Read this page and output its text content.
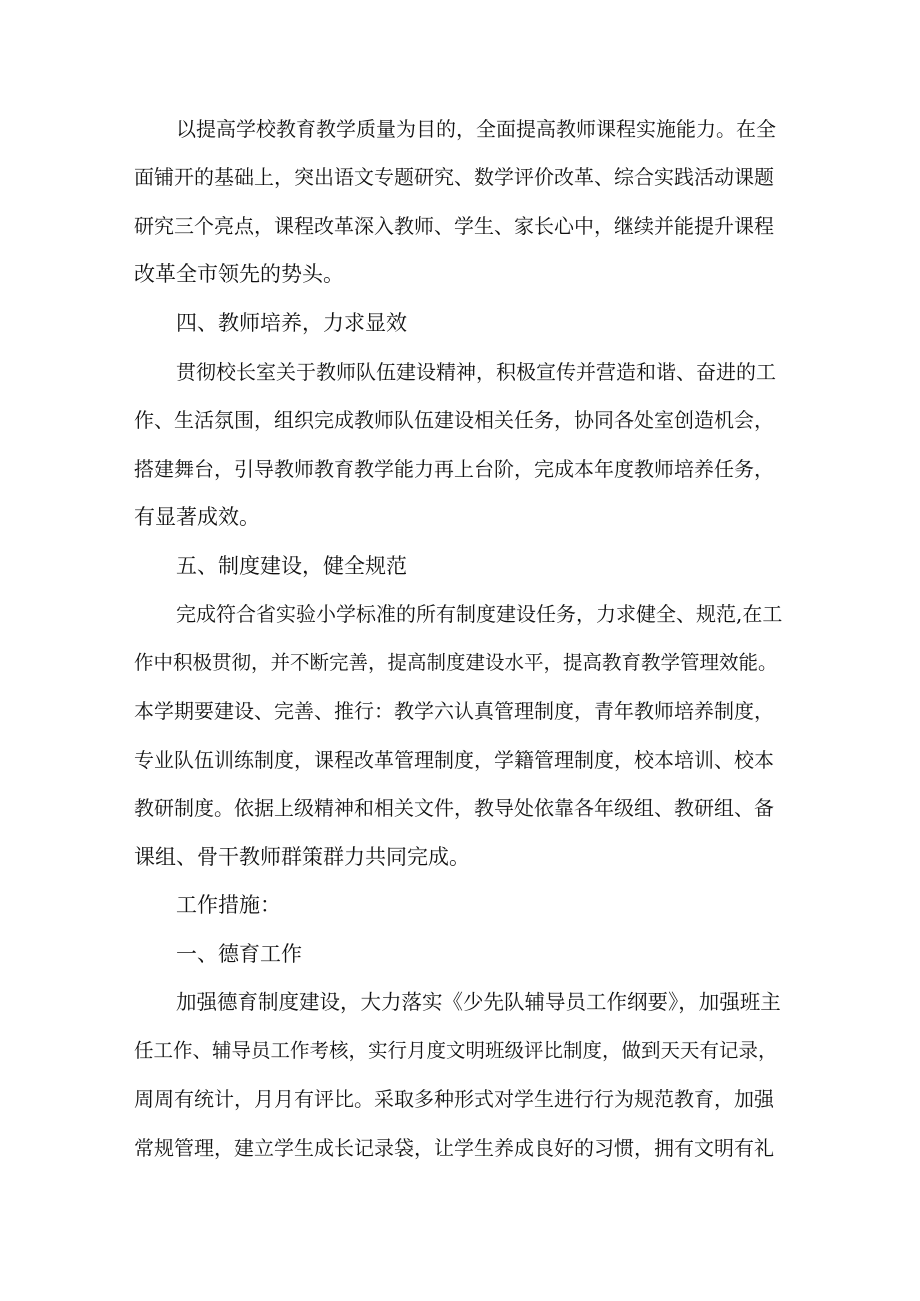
以提高学校教育教学质量为目的，全面提高教师课程实施能力。在全
面铺开的基础上，突出语文专题研究、数学评价改革、综合实践活动课题
研究三个亮点，课程改革深入教师、学生、家长心中，继续并能提升课程
改革全市领先的势头。
四、教师培养，力求显效
贯彻校长室关于教师队伍建设精神，积极宣传并营造和谐、奋进的工
作、生活氛围，组织完成教师队伍建设相关任务，协同各处室创造机会，
搭建舞台，引导教师教育教学能力再上台阶，完成本年度教师培养任务，
有显著成效。
五、制度建设，健全规范
完成符合省实验小学标准的所有制度建设任务，力求健全、规范,在工
作中积极贯彻，并不断完善，提高制度建设水平，提高教育教学管理效能。
本学期要建设、完善、推行：教学六认真管理制度，青年教师培养制度，
专业队伍训练制度，课程改革管理制度，学籍管理制度，校本培训、校本
教研制度。依据上级精神和相关文件，教导处依靠各年级组、教研组、备
课组、骨干教师群策群力共同完成。
工作措施：
一、德育工作
加强德育制度建设，大力落实《少先队辅导员工作纲要》，加强班主
任工作、辅导员工作考核，实行月度文明班级评比制度，做到天天有记录，
周周有统计，月月有评比。采取多种形式对学生进行行为规范教育，加强
常规管理，建立学生成长记录袋，让学生养成良好的习惯，拥有文明有礼
